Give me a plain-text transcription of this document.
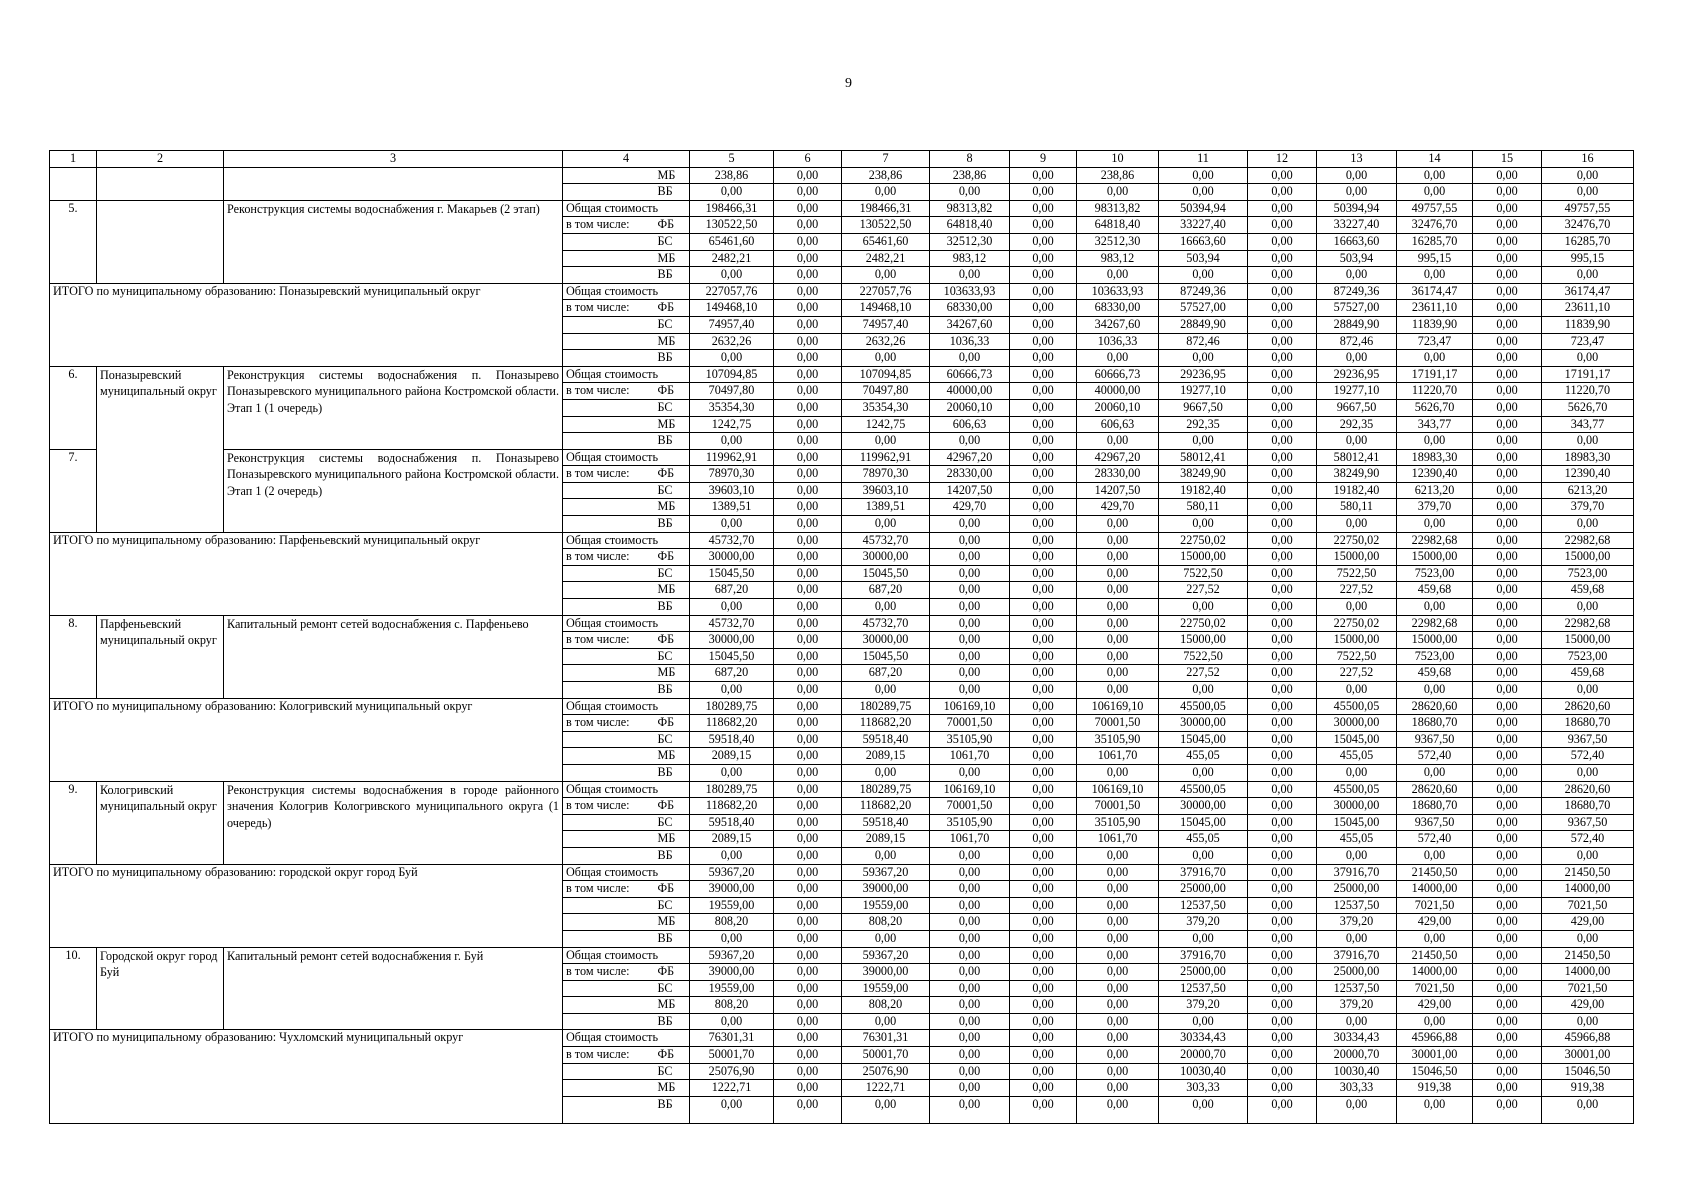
9
1	2	3	4		5	6	7	8	9	10	11	12	13	14	15	16
				МБ	238,86	0,00	238,86	238,86	0,00	238,86	0,00	0,00	0,00	0,00	0,00	0,00
				ВБ	0,00	0,00	0,00	0,00	0,00	0,00	0,00	0,00	0,00	0,00	0,00	0,00
5.		Реконструкция системы водоснабжения г. Макарьев (2 этап)	Общая стоимость		198466,31	0,00	198466,31	98313,82	0,00	98313,82	50394,94	0,00	50394,94	49757,55	0,00	49757,55
			в том числе:	ФБ	130522,50	0,00	130522,50	64818,40	0,00	64818,40	33227,40	0,00	33227,40	32476,70	0,00	32476,70
				БС	65461,60	0,00	65461,60	32512,30	0,00	32512,30	16663,60	0,00	16663,60	16285,70	0,00	16285,70
				МБ	2482,21	0,00	2482,21	983,12	0,00	983,12	503,94	0,00	503,94	995,15	0,00	995,15
				ВБ	0,00	0,00	0,00	0,00	0,00	0,00	0,00	0,00	0,00	0,00	0,00	0,00
ИТОГО по муниципальному образованию: Поназыревский муниципальный округ			Общая стоимость		227057,76	0,00	227057,76	103633,93	0,00	103633,93	87249,36	0,00	87249,36	36174,47	0,00	36174,47
			в том числе:	ФБ	149468,10	0,00	149468,10	68330,00	0,00	68330,00	57527,00	0,00	57527,00	23611,10	0,00	23611,10
				БС	74957,40	0,00	74957,40	34267,60	0,00	34267,60	28849,90	0,00	28849,90	11839,90	0,00	11839,90
				МБ	2632,26	0,00	2632,26	1036,33	0,00	1036,33	872,46	0,00	872,46	723,47	0,00	723,47
				ВБ	0,00	0,00	0,00	0,00	0,00	0,00	0,00	0,00	0,00	0,00	0,00	0,00
6.	Поназыревский муниципальный округ	Реконструкция системы водоснабжения п. Поназырево Поназыревского муниципального района Костромской области. Этап 1 (1 очередь)	Общая стоимость		107094,85	0,00	107094,85	60666,73	0,00	60666,73	29236,95	0,00	29236,95	17191,17	0,00	17191,17
			в том числе:	ФБ	70497,80	0,00	70497,80	40000,00	0,00	40000,00	19277,10	0,00	19277,10	11220,70	0,00	11220,70
				БС	35354,30	0,00	35354,30	20060,10	0,00	20060,10	9667,50	0,00	9667,50	5626,70	0,00	5626,70
				МБ	1242,75	0,00	1242,75	606,63	0,00	606,63	292,35	0,00	292,35	343,77	0,00	343,77
				ВБ	0,00	0,00	0,00	0,00	0,00	0,00	0,00	0,00	0,00	0,00	0,00	0,00
7.		Реконструкция системы водоснабжения п. Поназырево Поназыревского муниципального района Костромской области. Этап 1 (2 очередь)	Общая стоимость		119962,91	0,00	119962,91	42967,20	0,00	42967,20	58012,41	0,00	58012,41	18983,30	0,00	18983,30
			в том числе:	ФБ	78970,30	0,00	78970,30	28330,00	0,00	28330,00	38249,90	0,00	38249,90	12390,40	0,00	12390,40
				БС	39603,10	0,00	39603,10	14207,50	0,00	14207,50	19182,40	0,00	19182,40	6213,20	0,00	6213,20
				МБ	1389,51	0,00	1389,51	429,70	0,00	429,70	580,11	0,00	580,11	379,70	0,00	379,70
				ВБ	0,00	0,00	0,00	0,00	0,00	0,00	0,00	0,00	0,00	0,00	0,00	0,00
ИТОГО по муниципальному образованию: Парфеньевский муниципальный округ			Общая стоимость		45732,70	0,00	45732,70	0,00	0,00	0,00	22750,02	0,00	22750,02	22982,68	0,00	22982,68
			в том числе:	ФБ	30000,00	0,00	30000,00	0,00	0,00	0,00	15000,00	0,00	15000,00	15000,00	0,00	15000,00
				БС	15045,50	0,00	15045,50	0,00	0,00	0,00	7522,50	0,00	7522,50	7523,00	0,00	7523,00
				МБ	687,20	0,00	687,20	0,00	0,00	0,00	227,52	0,00	227,52	459,68	0,00	459,68
				ВБ	0,00	0,00	0,00	0,00	0,00	0,00	0,00	0,00	0,00	0,00	0,00	0,00
8.	Парфеньевский муниципальный округ	Капитальный ремонт сетей водоснабжения с. Парфеньево	Общая стоимость		45732,70	0,00	45732,70	0,00	0,00	0,00	22750,02	0,00	22750,02	22982,68	0,00	22982,68
			в том числе:	ФБ	30000,00	0,00	30000,00	0,00	0,00	0,00	15000,00	0,00	15000,00	15000,00	0,00	15000,00
				БС	15045,50	0,00	15045,50	0,00	0,00	0,00	7522,50	0,00	7522,50	7523,00	0,00	7523,00
				МБ	687,20	0,00	687,20	0,00	0,00	0,00	227,52	0,00	227,52	459,68	0,00	459,68
				ВБ	0,00	0,00	0,00	0,00	0,00	0,00	0,00	0,00	0,00	0,00	0,00	0,00
ИТОГО по муниципальному образованию: Кологривский муниципальный округ			Общая стоимость		180289,75	0,00	180289,75	106169,10	0,00	106169,10	45500,05	0,00	45500,05	28620,60	0,00	28620,60
			в том числе:	ФБ	118682,20	0,00	118682,20	70001,50	0,00	70001,50	30000,00	0,00	30000,00	18680,70	0,00	18680,70
				БС	59518,40	0,00	59518,40	35105,90	0,00	35105,90	15045,00	0,00	15045,00	9367,50	0,00	9367,50
				МБ	2089,15	0,00	2089,15	1061,70	0,00	1061,70	455,05	0,00	455,05	572,40	0,00	572,40
				ВБ	0,00	0,00	0,00	0,00	0,00	0,00	0,00	0,00	0,00	0,00	0,00	0,00
9.	Кологривский муниципальный округ	Реконструкция системы водоснабжения в городе районного значения Кологрив Кологривского муниципального округа (1 очередь)	Общая стоимость		180289,75	0,00	180289,75	106169,10	0,00	106169,10	45500,05	0,00	45500,05	28620,60	0,00	28620,60
			в том числе:	ФБ	118682,20	0,00	118682,20	70001,50	0,00	70001,50	30000,00	0,00	30000,00	18680,70	0,00	18680,70
				БС	59518,40	0,00	59518,40	35105,90	0,00	35105,90	15045,00	0,00	15045,00	9367,50	0,00	9367,50
				МБ	2089,15	0,00	2089,15	1061,70	0,00	1061,70	455,05	0,00	455,05	572,40	0,00	572,40
				ВБ	0,00	0,00	0,00	0,00	0,00	0,00	0,00	0,00	0,00	0,00	0,00	0,00
ИТОГО по муниципальному образованию: городской округ город Буй			Общая стоимость		59367,20	0,00	59367,20	0,00	0,00	0,00	37916,70	0,00	37916,70	21450,50	0,00	21450,50
			в том числе:	ФБ	39000,00	0,00	39000,00	0,00	0,00	0,00	25000,00	0,00	25000,00	14000,00	0,00	14000,00
				БС	19559,00	0,00	19559,00	0,00	0,00	0,00	12537,50	0,00	12537,50	7021,50	0,00	7021,50
				МБ	808,20	0,00	808,20	0,00	0,00	0,00	379,20	0,00	379,20	429,00	0,00	429,00
				ВБ	0,00	0,00	0,00	0,00	0,00	0,00	0,00	0,00	0,00	0,00	0,00	0,00
10.	Городской округ город Буй	Капитальный ремонт сетей водоснабжения г. Буй	Общая стоимость		59367,20	0,00	59367,20	0,00	0,00	0,00	37916,70	0,00	37916,70	21450,50	0,00	21450,50
			в том числе:	ФБ	39000,00	0,00	39000,00	0,00	0,00	0,00	25000,00	0,00	25000,00	14000,00	0,00	14000,00
				БС	19559,00	0,00	19559,00	0,00	0,00	0,00	12537,50	0,00	12537,50	7021,50	0,00	7021,50
				МБ	808,20	0,00	808,20	0,00	0,00	0,00	379,20	0,00	379,20	429,00	0,00	429,00
				ВБ	0,00	0,00	0,00	0,00	0,00	0,00	0,00	0,00	0,00	0,00	0,00	0,00
ИТОГО по муниципальному образованию: Чухломский муниципальный округ			Общая стоимость		76301,31	0,00	76301,31	0,00	0,00	0,00	30334,43	0,00	30334,43	45966,88	0,00	45966,88
			в том числе:	ФБ	50001,70	0,00	50001,70	0,00	0,00	0,00	20000,70	0,00	20000,70	30001,00	0,00	30001,00
				БС	25076,90	0,00	25076,90	0,00	0,00	0,00	10030,40	0,00	10030,40	15046,50	0,00	15046,50
				МБ	1222,71	0,00	1222,71	0,00	0,00	0,00	303,33	0,00	303,33	919,38	0,00	919,38
				ВБ	0,00	0,00	0,00	0,00	0,00	0,00	0,00	0,00	0,00	0,00	0,00	0,00
